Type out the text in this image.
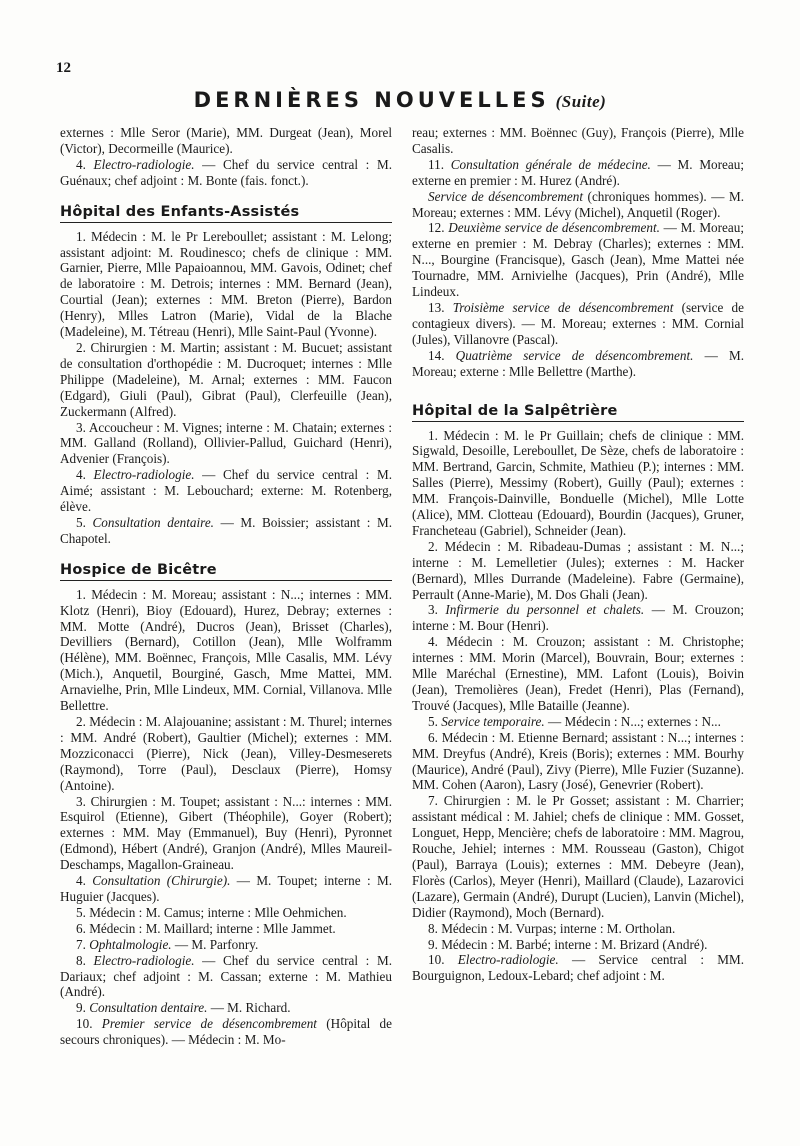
12
DERNIÈRES NOUVELLES (Suite)

externes : Mlle Seror (Marie), MM. Durgeat (Jean), Morel (Victor), Decormeille (Maurice).

4. Electro-radiologie. — Chef du service central : M. Guénaux; chef adjoint : M. Bonte (fais. fonct.).

Hôpital des Enfants-Assistés

1. Médecin : M. le Pr Lereboullet; assistant : M. Lelong; assistant adjoint: M. Roudinesco; chefs de clinique : MM. Garnier, Pierre, Mlle Papaioannou, MM. Gavois, Odinet; chef de laboratoire : M. Detrois; internes : MM. Bernard (Jean), Courtial (Jean); externes : MM. Breton (Pierre), Bardon (Henry), Mlles Latron (Marie), Vidal de la Blache (Madeleine), M. Tétreau (Henri), Mlle Saint-Paul (Yvonne).

2. Chirurgien : M. Martin; assistant : M. Bucuet; assistant de consultation d'orthopédie : M. Ducroquet; internes : Mlle Philippe (Madeleine), M. Arnal; externes : MM. Faucon (Edgard), Giuli (Paul), Gibrat (Paul), Clerfeuille (Jean), Zuckermann (Alfred).

3. Accoucheur : M. Vignes; interne : M. Chatain; externes : MM. Galland (Rolland), Ollivier-Pallud, Guichard (Henri), Advenier (François).

4. Electro-radiologie. — Chef du service central : M. Aimé; assistant : M. Lebouchard; externe: M. Rotenberg, élève.

5. Consultation dentaire. — M. Boissier; assistant : M. Chapotel.

Hospice de Bicêtre

1. Médecin : M. Moreau; assistant : N...; internes : MM. Klotz (Henri), Bioy (Edouard), Hurez, Debray; externes : MM. Motte (André), Ducros (Jean), Brisset (Charles), Devilliers (Bernard), Cotillon (Jean), Mlle Wolframm (Hélène), MM. Boënnec, François, Mlle Casalis, MM. Lévy (Mich.), Anquetil, Bourginé, Gasch, Mme Mattei, MM. Arnavielhe, Prin, Mlle Lindeux, MM. Cornial, Villanova. Mlle Bellettre.

2. Médecin : M. Alajouanine; assistant : M. Thurel; internes : MM. André (Robert), Gaultier (Michel); externes : MM. Mozziconacci (Pierre), Nick (Jean), Villey-Desmeserets (Raymond), Torre (Paul), Desclaux (Pierre), Homsy (Antoine).

3. Chirurgien : M. Toupet; assistant : N...: internes : MM. Esquirol (Etienne), Gibert (Théophile), Goyer (Robert); externes : MM. May (Emmanuel), Buy (Henri), Pyronnet (Edmond), Hébert (André), Granjon (André), Mlles Maureil-Deschamps, Magallon-Graineau.

4. Consultation (Chirurgie). — M. Toupet; interne : M. Huguier (Jacques).

5. Médecin : M. Camus; interne : Mlle Oehmichen.

6. Médecin : M. Maillard; interne : Mlle Jammet.

7. Ophtalmologie. — M. Parfonry.

8. Electro-radiologie. — Chef du service central : M. Dariaux; chef adjoint : M. Cassan; externe : M. Mathieu (André).

9. Consultation dentaire. — M. Richard.

10. Premier service de désencombrement (Hôpital de secours chroniques). — Médecin : M. Mo-

reau; externes : MM. Boënnec (Guy), François (Pierre), Mlle Casalis.

11. Consultation générale de médecine. — M. Moreau; externe en premier : M. Hurez (André).

Service de désencombrement (chroniques hommes). — M. Moreau; externes : MM. Lévy (Michel), Anquetil (Roger).

12. Deuxième service de désencombrement. — M. Moreau; externe en premier : M. Debray (Charles); externes : MM. N..., Bourgine (Francisque), Gasch (Jean), Mme Mattei née Tournadre, MM. Arnivielhe (Jacques), Prin (André), Mlle Lindeux.

13. Troisième service de désencombrement (service de contagieux divers). — M. Moreau; externes : MM. Cornial (Jules), Villanovre (Pascal).

14. Quatrième service de désencombrement. — M. Moreau; externe : Mlle Bellettre (Marthe).

Hôpital de la Salpêtrière

1. Médecin : M. le Pr Guillain; chefs de clinique : MM. Sigwald, Desoille, Lereboullet, De Sèze, chefs de laboratoire : MM. Bertrand, Garcin, Schmite, Mathieu (P.); internes : MM. Salles (Pierre), Messimy (Robert), Guilly (Paul); externes : MM. François-Dainville, Bonduelle (Michel), Mlle Lotte (Alice), MM. Clotteau (Edouard), Bourdin (Jacques), Gruner, Francheteau (Gabriel), Schneider (Jean).

2. Médecin : M. Ribadeau-Dumas ; assistant : M. N...; interne : M. Lemelletier (Jules); externes : M. Hacker (Bernard), Mlles Durrande (Madeleine). Fabre (Germaine), Perrault (Anne-Marie), M. Dos Ghali (Jean).

3. Infirmerie du personnel et chalets. — M. Crouzon; interne : M. Bour (Henri).

4. Médecin : M. Crouzon; assistant : M. Christophe; internes : MM. Morin (Marcel), Bouvrain, Bour; externes : Mlle Maréchal (Ernestine), MM. Lafont (Louis), Boivin (Jean), Tremolières (Jean), Fredet (Henri), Plas (Fernand), Trouvé (Jacques), Mlle Bataille (Jeanne).

5. Service temporaire. — Médecin : N...; externes : N...

6. Médecin : M. Etienne Bernard; assistant : N...; internes : MM. Dreyfus (André), Kreis (Boris); externes : MM. Bourhy (Maurice), André (Paul), Zivy (Pierre), Mlle Fuzier (Suzanne). MM. Cohen (Aaron), Lasry (José), Genevrier (Robert).

7. Chirurgien : M. le Pr Gosset; assistant : M. Charrier; assistant médical : M. Jahiel; chefs de clinique : MM. Gosset, Longuet, Hepp, Mencière; chefs de laboratoire : MM. Magrou, Rouche, Jehiel; internes : MM. Rousseau (Gaston), Chigot (Paul), Barraya (Louis); externes : MM. Debeyre (Jean), Florès (Carlos), Meyer (Henri), Maillard (Claude), Lazarovici (Lazare), Germain (André), Durupt (Lucien), Lanvin (Michel), Didier (Raymond), Moch (Bernard).

8. Médecin : M. Vurpas; interne : M. Ortholan.

9. Médecin : M. Barbé; interne : M. Brizard (André).

10. Electro-radiologie. — Service central : MM. Bourguignon, Ledoux-Lebard; chef adjoint : M.
